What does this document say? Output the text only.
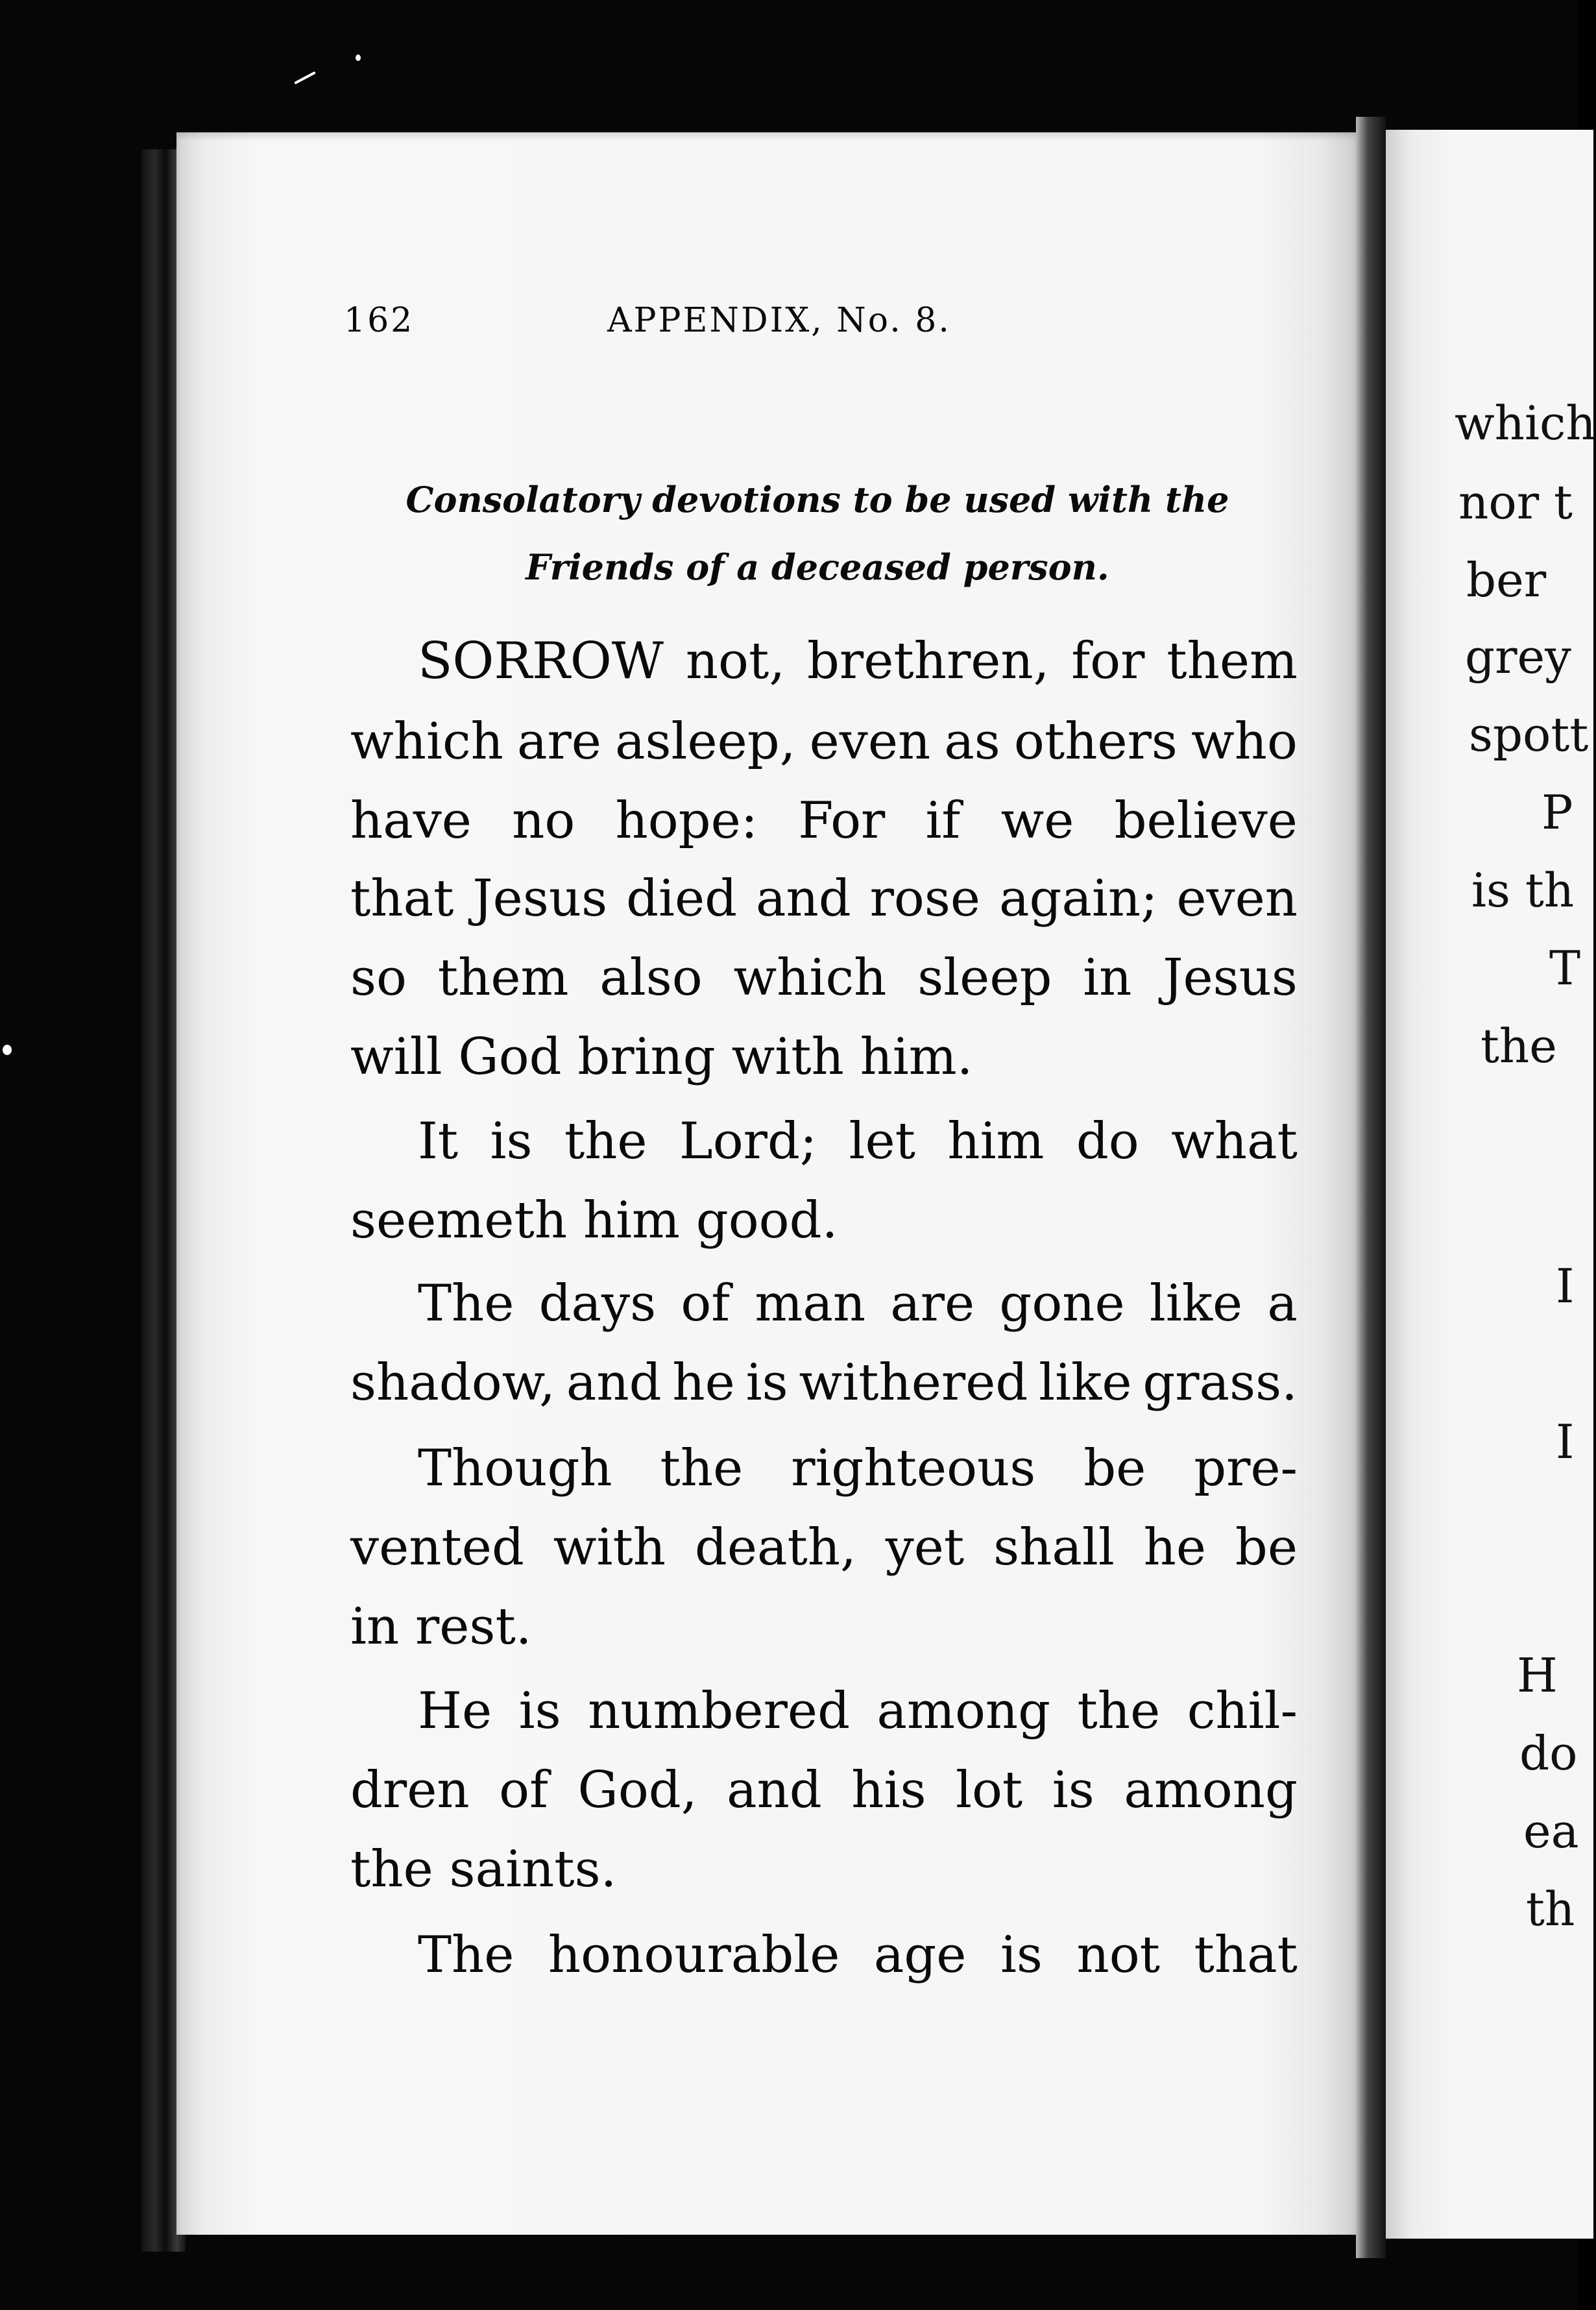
162	APPENDIX, No. 8.
Consolatory devotions to be used with the
Friends of a deceased person.
SORROW not, brethren, for them
which are asleep, even as others who
have no hope: For if we believe
that Jesus died and rose again; even
so them also which sleep in Jesus
will God bring with him.
It is the Lord; let him do what
seemeth him good.
The days of man are gone like a
shadow, and he is withered like grass.
Though the righteous be pre-
vented with death, yet shall he be
in rest.
He is numbered among the chil-
dren of God, and his lot is among
the saints.
The honourable age is not that
which
nor t
ber
grey
spott
P
is th
T
the
I
I
H
do
ea
th
